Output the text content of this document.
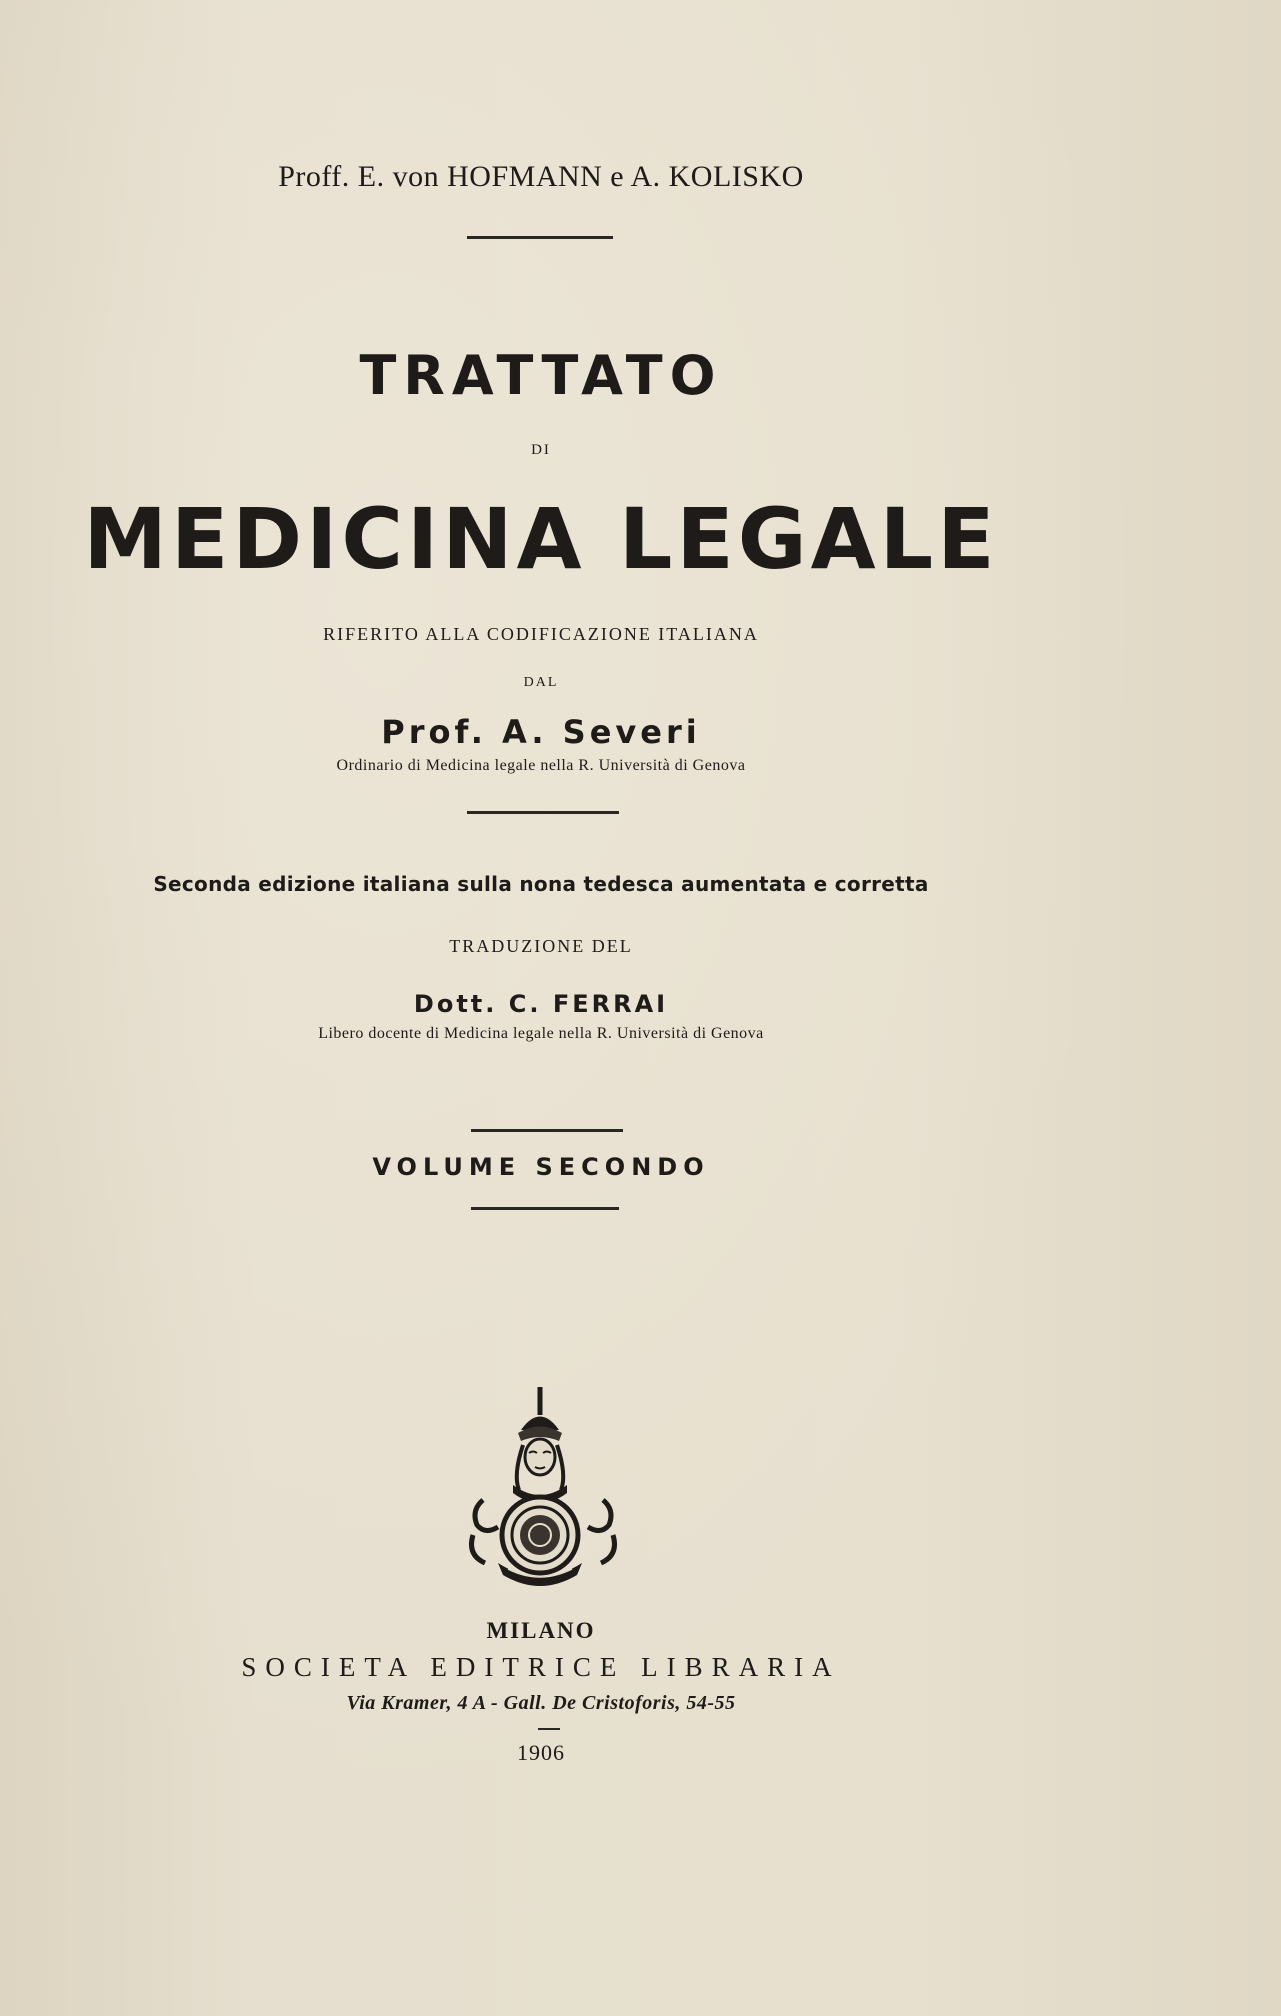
Proff. E. von HOFMANN e A. KOLISKO
TRATTATO
DI
MEDICINA LEGALE
RIFERITO ALLA CODIFICAZIONE ITALIANA
DAL
Prof. A. Severi
Ordinario di Medicina legale nella R. Università di Genova
Seconda edizione italiana sulla nona tedesca aumentata e corretta
TRADUZIONE DEL
Dott. C. FERRAI
Libero docente di Medicina legale nella R. Università di Genova
VOLUME SECONDO
MILANO
SOCIETA EDITRICE LIBRARIA
Via Kramer, 4 A - Gall. De Cristoforis, 54-55
1906
